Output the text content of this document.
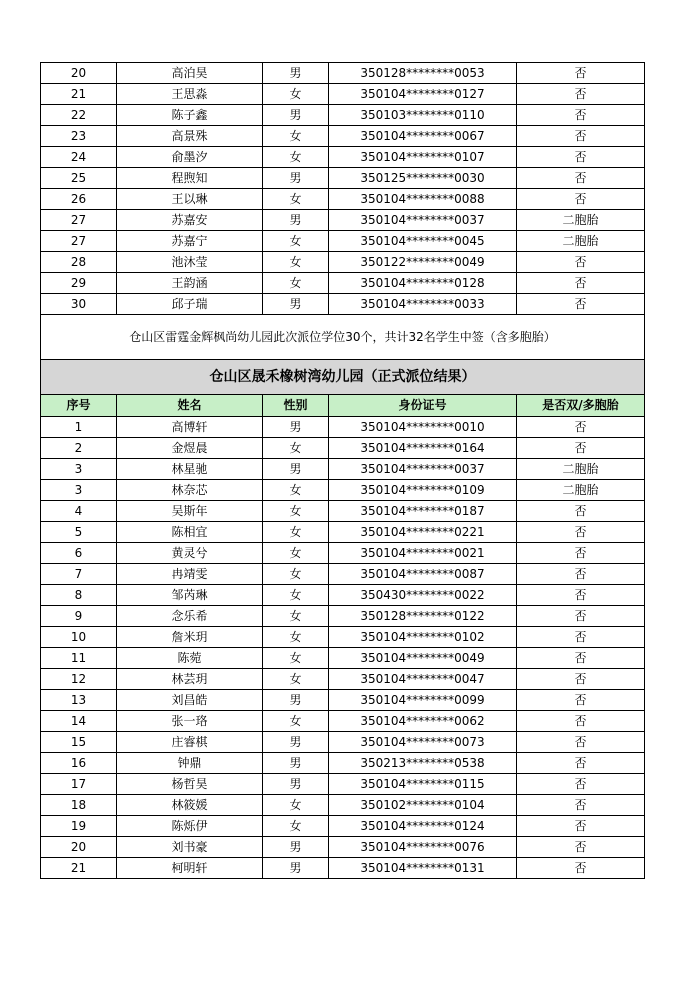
20	高泊昊	男	350128********0053	否
21	王思淼	女	350104********0127	否
22	陈子鑫	男	350103********0110	否
23	高景殊	女	350104********0067	否
24	俞墨汐	女	350104********0107	否
25	程煦知	男	350125********0030	否
26	王以琳	女	350104********0088	否
27	苏嘉安	男	350104********0037	二胞胎
27	苏嘉宁	女	350104********0045	二胞胎
28	池沐莹	女	350122********0049	否
29	王韵涵	女	350104********0128	否
30	邱子瑞	男	350104********0033	否
仓山区雷霆金辉枫尚幼儿园此次派位学位30个，共计32名学生中签（含多胞胎）				
仓山区晟禾橡树湾幼儿园（正式派位结果）				
序号	姓名	性别	身份证号	是否双/多胞胎
1	高博轩	男	350104********0010	否
2	金煜晨	女	350104********0164	否
3	林星驰	男	350104********0037	二胞胎
3	林奈芯	女	350104********0109	二胞胎
4	吴斯年	女	350104********0187	否
5	陈相宜	女	350104********0221	否
6	黄灵兮	女	350104********0021	否
7	冉靖雯	女	350104********0087	否
8	邹芮琳	女	350430********0022	否
9	念乐希	女	350128********0122	否
10	詹米玥	女	350104********0102	否
11	陈菀	女	350104********0049	否
12	林芸玥	女	350104********0047	否
13	刘昌皓	男	350104********0099	否
14	张一珞	女	350104********0062	否
15	庄睿棋	男	350104********0073	否
16	钟鼎	男	350213********0538	否
17	杨哲昊	男	350104********0115	否
18	林筱媛	女	350102********0104	否
19	陈烁伊	女	350104********0124	否
20	刘书豪	男	350104********0076	否
21	柯明轩	男	350104********0131	否
